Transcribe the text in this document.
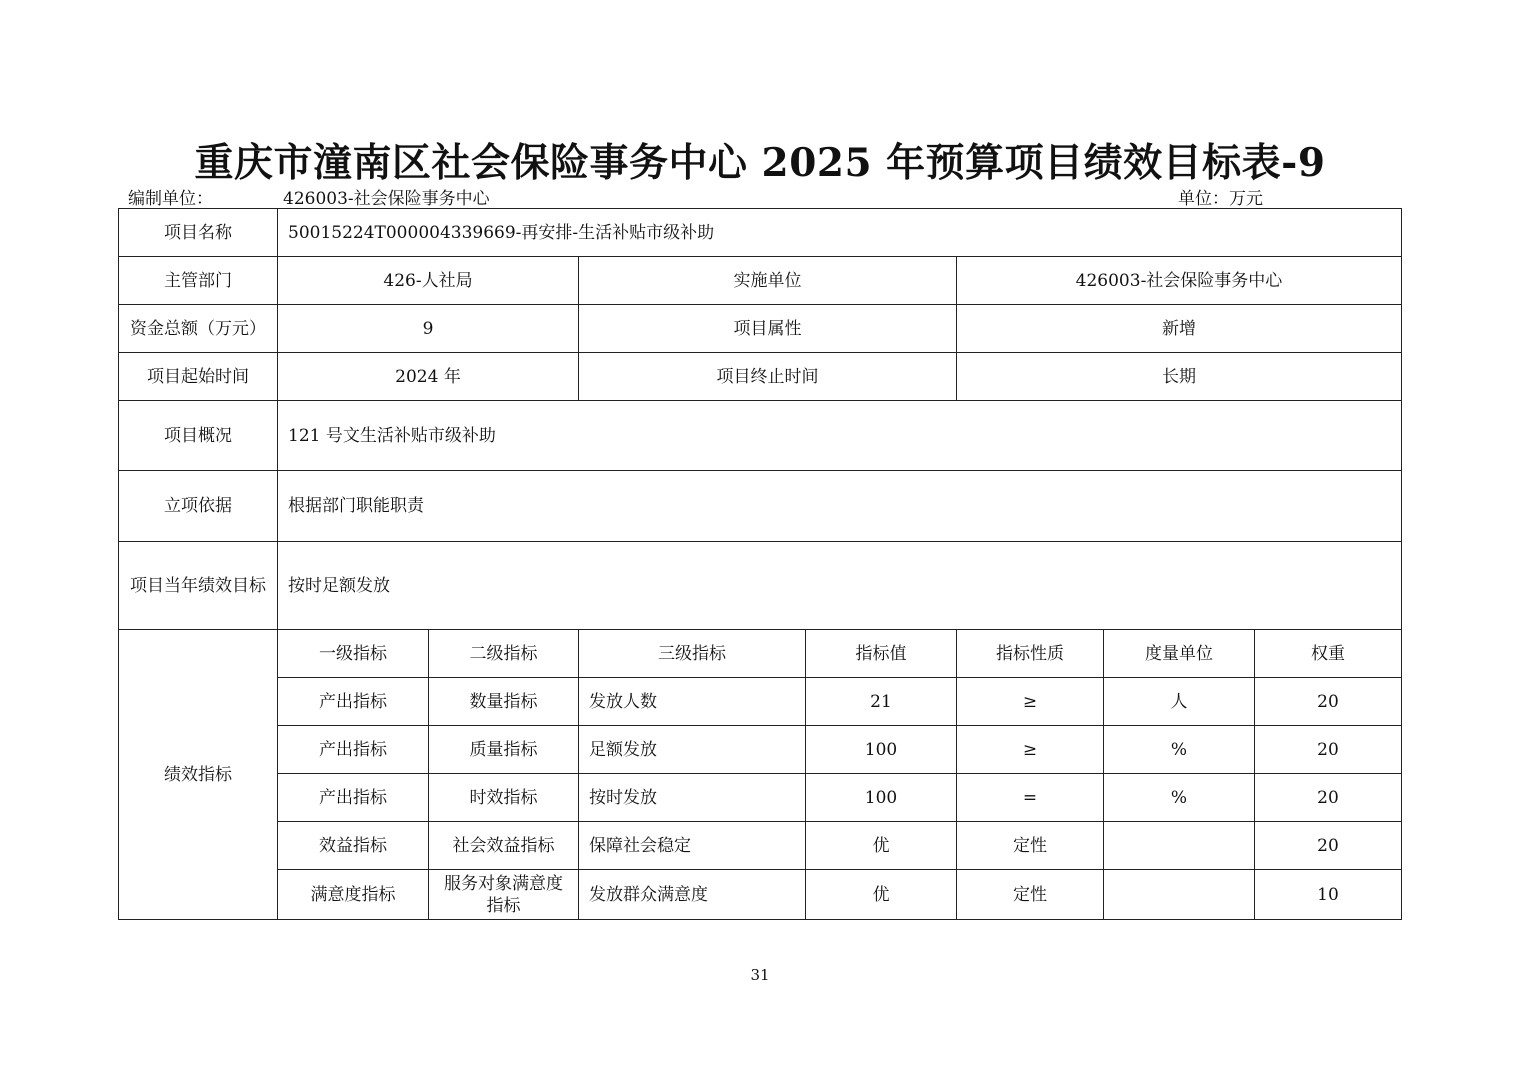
重庆市潼南区社会保险事务中心 2025 年预算项目绩效目标表-9
编制单位：	426003-社会保险事务中心	单位：万元
项目名称	50015224T000004339669-再安排-生活补贴市级补助						
主管部门	426-人社局		实施单位		426003-社会保险事务中心		
资金总额（万元）	9		项目属性		新增		
项目起始时间	2024 年		项目终止时间		长期		
项目概况	121 号文生活补贴市级补助						
立项依据	根据部门职能职责						
项目当年绩效目标	按时足额发放						
绩效指标	一级指标	二级指标	三级指标	指标值	指标性质	度量单位	权重
	产出指标	数量指标	发放人数	21	≥	人	20
	产出指标	质量指标	足额发放	100	≥	%	20
	产出指标	时效指标	按时发放	100	=	%	20
	效益指标	社会效益指标	保障社会稳定	优	定性		20
	满意度指标	服务对象满意度指标	发放群众满意度	优	定性		10
31
